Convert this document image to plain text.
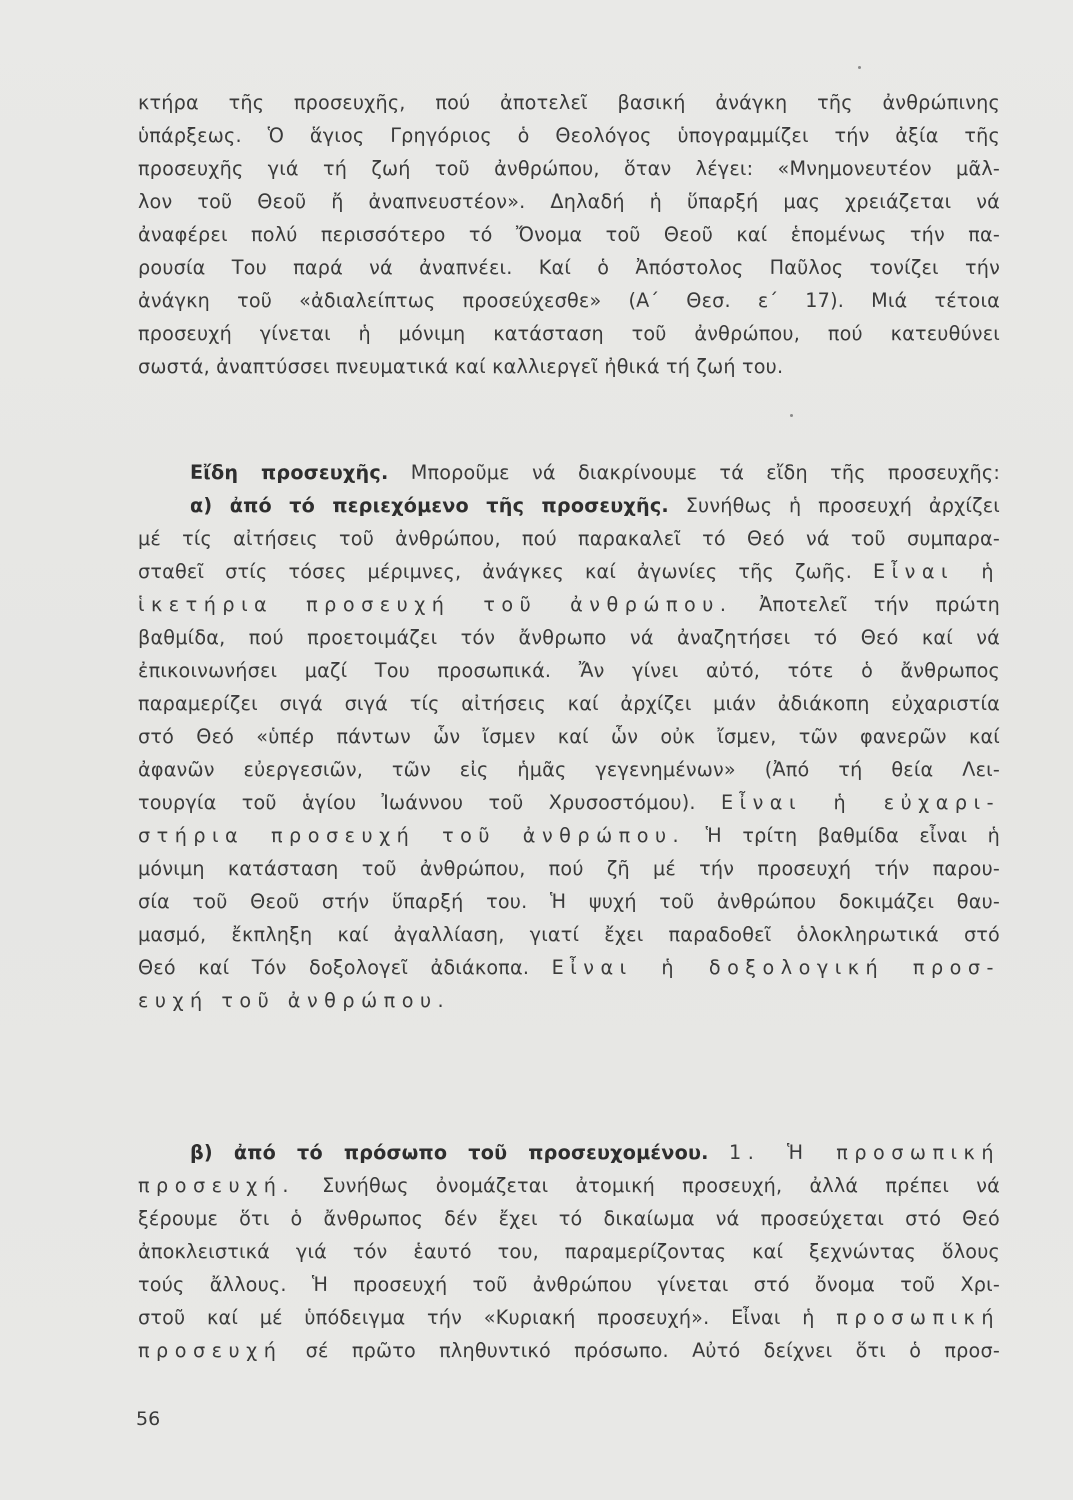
κτήρα τῆς προσευχῆς, πού ἀποτελεῖ βασική ἀνάγκη τῆς ἀνθρώπινης
ὑπάρξεως. Ὁ ἅγιος Γρηγόριος ὁ Θεολόγος ὑπογραμμίζει τήν ἀξία τῆς
προσευχῆς γιά τή ζωή τοῦ ἀνθρώπου, ὅταν λέγει: «Μνημονευτέον μᾶλ-
λον τοῦ Θεοῦ ἤ ἀναπνευστέον». Δηλαδή ἡ ὕπαρξή μας χρειάζεται νά
ἀναφέρει πολύ περισσότερο τό Ὄνομα τοῦ Θεοῦ καί ἑπομένως τήν πα-
ρουσία Του παρά νά ἀναπνέει. Καί ὁ Ἀπόστολος Παῦλος τονίζει τήν
ἀνάγκη τοῦ «ἀδιαλείπτως προσεύχεσθε» (Α΄ Θεσ. ε΄ 17). Μιά τέτοια
προσευχή γίνεται ἡ μόνιμη κατάσταση τοῦ ἀνθρώπου, πού κατευθύνει
σωστά, ἀναπτύσσει πνευματικά καί καλλιεργεῖ ἠθικά τή ζωή του.
Εἴδη προσευχῆς. Μποροῦμε νά διακρίνουμε τά εἴδη τῆς προσευχῆς:
α) ἀπό τό περιεχόμενο τῆς προσευχῆς. Συνήθως ἡ προσευχή ἀρχίζει
μέ τίς αἰτήσεις τοῦ ἀνθρώπου, πού παρακαλεῖ τό Θεό νά τοῦ συμπαρα-
σταθεῖ στίς τόσες μέριμνες, ἀνάγκες καί ἀγωνίες τῆς ζωῆς. Εἶναι ἡ
ἱκετήρια προσευχή τοῦ ἀνθρώπου. Ἀποτελεῖ τήν πρώτη
βαθμίδα, πού προετοιμάζει τόν ἄνθρωπο νά ἀναζητήσει τό Θεό καί νά
ἐπικοινωνήσει μαζί Του προσωπικά. Ἄν γίνει αὐτό, τότε ὁ ἄνθρωπος
παραμερίζει σιγά σιγά τίς αἰτήσεις καί ἀρχίζει μιάν ἀδιάκοπη εὐχαριστία
στό Θεό «ὑπέρ πάντων ὧν ἴσμεν καί ὧν οὐκ ἴσμεν, τῶν φανερῶν καί
ἀφανῶν εὐεργεσιῶν, τῶν εἰς ἡμᾶς γεγενημένων» (Ἀπό τή θεία Λει-
τουργία τοῦ ἁγίου Ἰωάννου τοῦ Χρυσοστόμου). Εἶναι ἡ εὐχαρι-
στήρια προσευχή τοῦ ἀνθρώπου. Ἡ τρίτη βαθμίδα εἶναι ἡ
μόνιμη κατάσταση τοῦ ἀνθρώπου, πού ζῆ μέ τήν προσευχή τήν παρου-
σία τοῦ Θεοῦ στήν ὕπαρξή του. Ἡ ψυχή τοῦ ἀνθρώπου δοκιμάζει θαυ-
μασμό, ἔκπληξη καί ἀγαλλίαση, γιατί ἔχει παραδοθεῖ ὁλοκληρωτικά στό
Θεό καί Τόν δοξολογεῖ ἀδιάκοπα. Εἶναι ἡ δοξολογική προσ-
ευχή τοῦ ἀνθρώπου.
β) ἀπό τό πρόσωπο τοῦ προσευχομένου. 1. Ἡ προσωπική
προσευχή. Συνήθως ὀνομάζεται ἀτομική προσευχή, ἀλλά πρέπει νά
ξέρουμε ὅτι ὁ ἄνθρωπος δέν ἔχει τό δικαίωμα νά προσεύχεται στό Θεό
ἀποκλειστικά γιά τόν ἑαυτό του, παραμερίζοντας καί ξεχνώντας ὅλους
τούς ἄλλους. Ἡ προσευχή τοῦ ἀνθρώπου γίνεται στό ὄνομα τοῦ Χρι-
στοῦ καί μέ ὑπόδειγμα τήν «Κυριακή προσευχή». Εἶναι ἡ προσωπική
προσευχή σέ πρῶτο πληθυντικό πρόσωπο. Αὐτό δείχνει ὅτι ὁ προσ-
56
